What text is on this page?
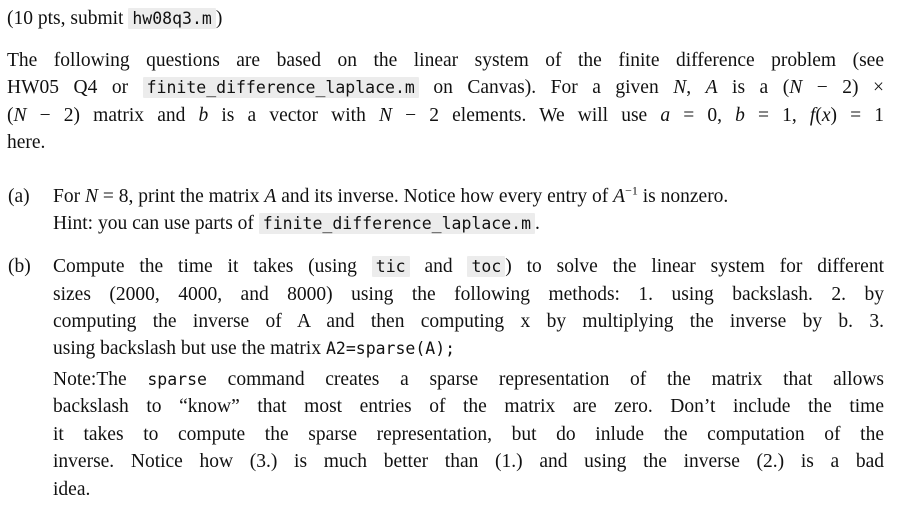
(10 pts, submit hw08q3.m )
The following questions are based on the linear system of the finite difference problem (see
HW05 Q4 or finite_difference_laplace.m on Canvas). For a given N, A is a (N − 2) ×
(N − 2) matrix and b is a vector with N − 2 elements. We will use a = 0, b = 1, f(x) = 1
here.
(a) For N = 8, print the matrix A and its inverse. Notice how every entry of $A^{-1}$ is nonzero.
Hint: you can use parts of finite_difference_laplace.m .
(b) Compute the time it takes (using tic and toc ) to solve the linear system for different
sizes (2000, 4000, and 8000) using the following methods: 1. using backslash. 2. by
computing the inverse of A and then computing x by multiplying the inverse by b. 3.
using backslash but use the matrix A2=sparse(A);
Note:The sparse command creates a sparse representation of the matrix that allows
backslash to “know” that most entries of the matrix are zero. Don’t include the time
it takes to compute the sparse representation, but do inlude the computation of the
inverse. Notice how (3.) is much better than (1.) and using the inverse (2.) is a bad
idea.
